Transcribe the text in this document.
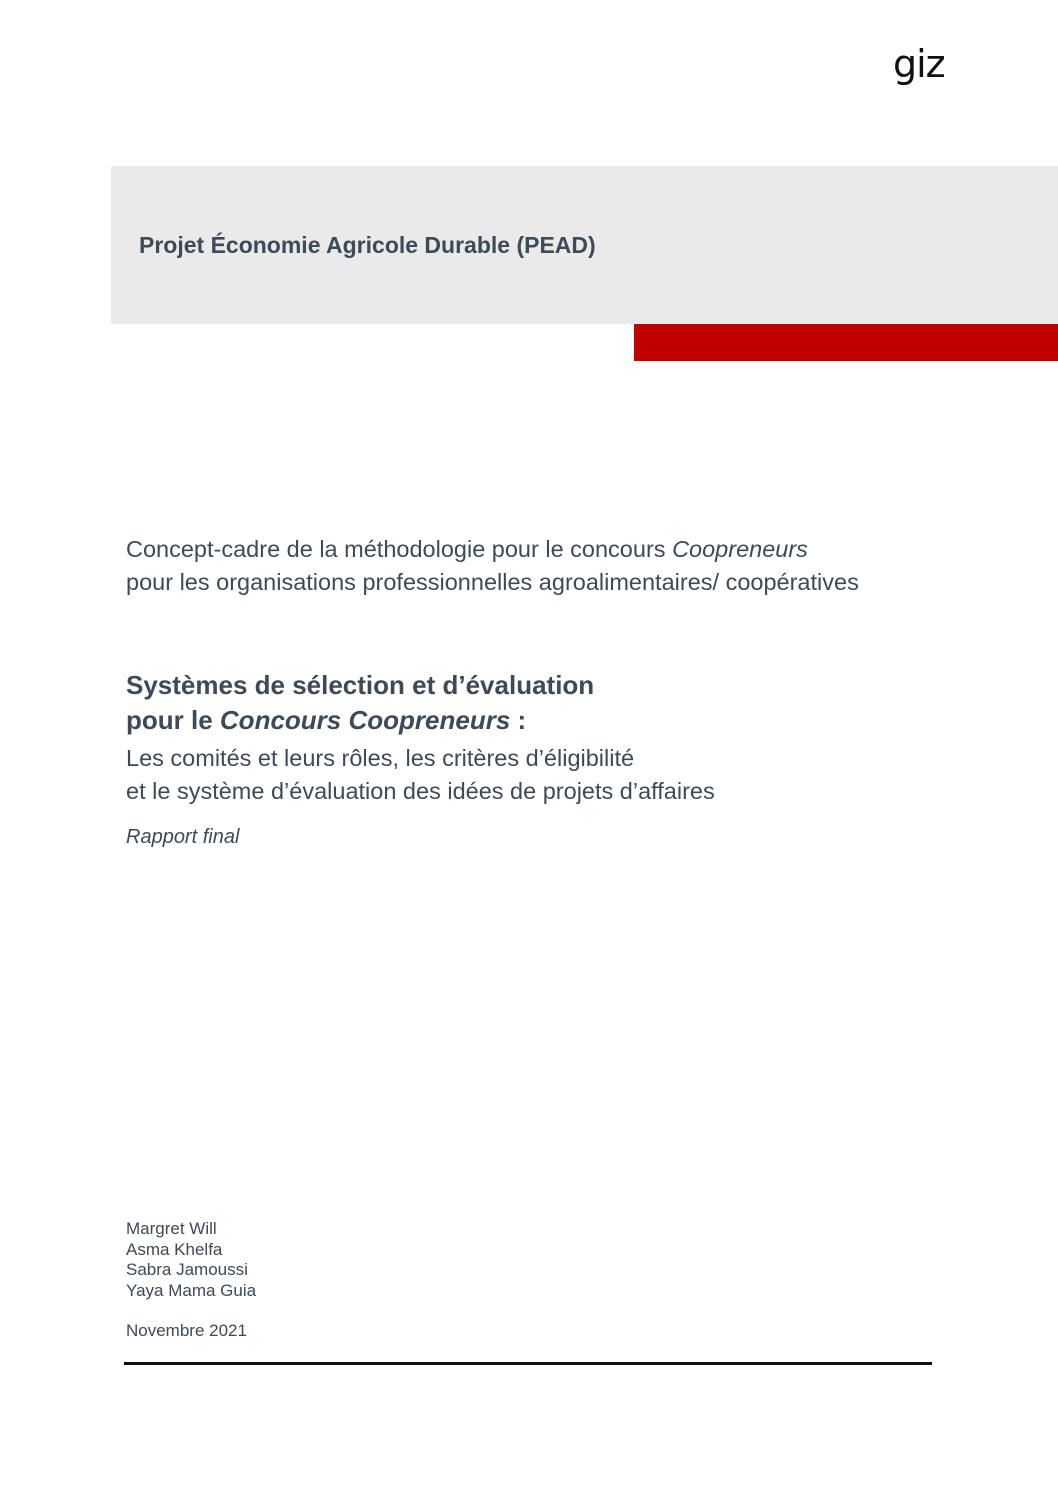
giz
Projet Économie Agricole Durable (PEAD)
Concept-cadre de la méthodologie pour le concours Coopreneurs
pour les organisations professionnelles agroalimentaires/ coopératives
Systèmes de sélection et d’évaluation
pour le Concours Coopreneurs :
Les comités et leurs rôles, les critères d’éligibilité
et le système d’évaluation des idées de projets d’affaires
Rapport final
Margret Will
Asma Khelfa
Sabra Jamoussi
Yaya Mama Guia
Novembre 2021
